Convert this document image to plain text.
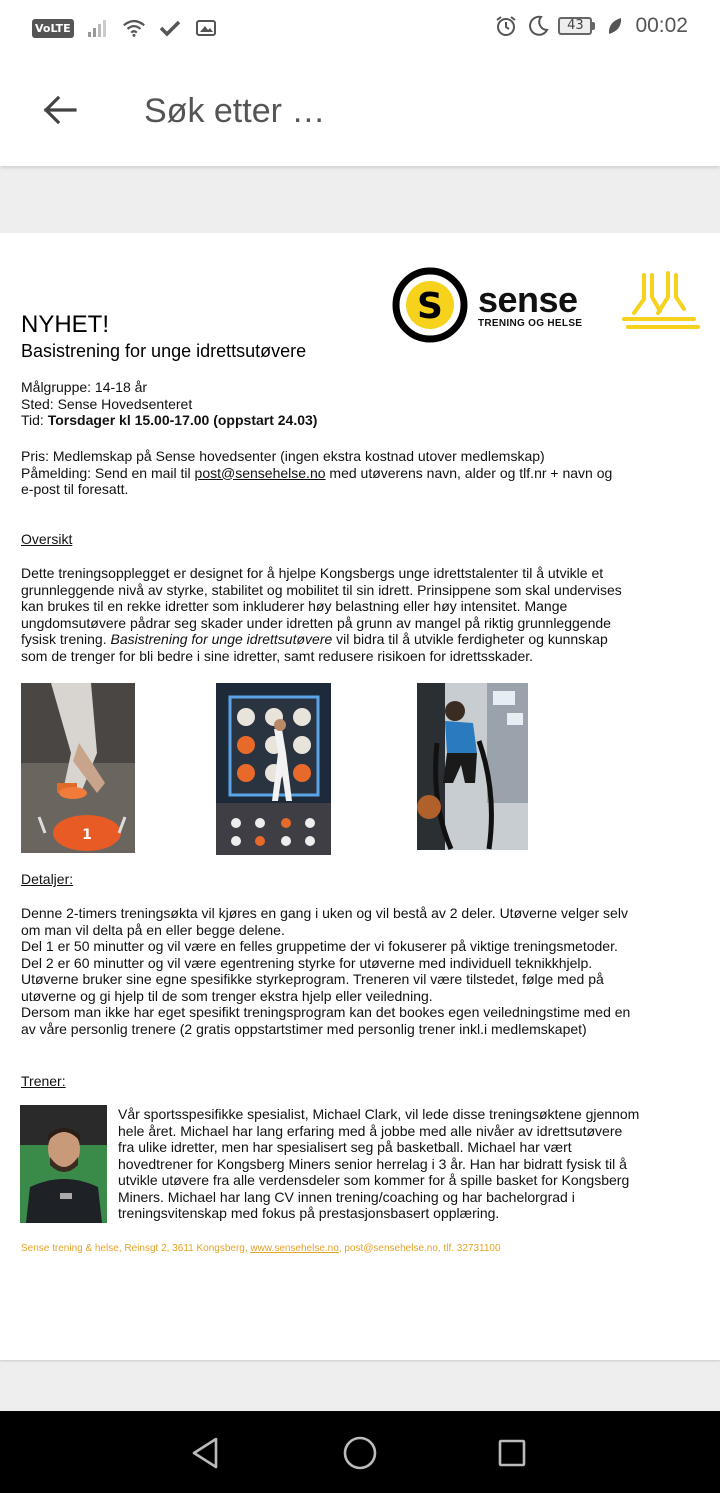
VoLTE	43	00:02
Søk etter …
S sense
TRENING OG HELSE
NYHET!
Basistrening for unge idrettsutøvere
Målgruppe: 14-18 år
Sted: Sense Hovedsenteret
Tid: Torsdager kl 15.00-17.00 (oppstart 24.03)
Pris: Medlemskap på Sense hovedsenter (ingen ekstra kostnad utover medlemskap)
Påmelding: Send en mail til post@sensehelse.no med utøverens navn, alder og tlf.nr + navn og
e-post til foresatt.
Oversikt
Dette treningsopplegget er designet for å hjelpe Kongsbergs unge idrettstalenter til å utvikle et
grunnleggende nivå av styrke, stabilitet og mobilitet til sin idrett. Prinsippene som skal undervises
kan brukes til en rekke idretter som inkluderer høy belastning eller høy intensitet. Mange
ungdomsutøvere pådrar seg skader under idretten på grunn av mangel på riktig grunnleggende
fysisk trening. Basistrening for unge idrettsutøvere vil bidra til å utvikle ferdigheter og kunnskap
som de trenger for bli bedre i sine idretter, samt redusere risikoen for idrettsskader.
1
Detaljer:
Denne 2-timers treningsøkta vil kjøres en gang i uken og vil bestå av 2 deler. Utøverne velger selv
om man vil delta på en eller begge delene.
Del 1 er 50 minutter og vil være en felles gruppetime der vi fokuserer på viktige treningsmetoder.
Del 2 er 60 minutter og vil være egentrening styrke for utøverne med individuell teknikkhjelp.
Utøverne bruker sine egne spesifikke styrkeprogram. Treneren vil være tilstedet, følge med på
utøverne og gi hjelp til de som trenger ekstra hjelp eller veiledning.
Dersom man ikke har eget spesifikt treningsprogram kan det bookes egen veiledningstime med en
av våre personlig trenere (2 gratis oppstartstimer med personlig trener inkl.i medlemskapet)
Trener:
Vår sportsspesifikke spesialist, Michael Clark, vil lede disse treningsøktene gjennom
hele året. Michael har lang erfaring med å jobbe med alle nivåer av idrettsutøvere
fra ulike idretter, men har spesialisert seg på basketball. Michael har vært
hovedtrener for Kongsberg Miners senior herrelag i 3 år. Han har bidratt fysisk til å
utvikle utøvere fra alle verdensdeler som kommer for å spille basket for Kongsberg
Miners. Michael har lang CV innen trening/coaching og har bachelorgrad i
treningsvitenskap med fokus på prestasjonsbasert opplæring.
Sense trening & helse, Reinsgt 2, 3611 Kongsberg, www.sensehelse.no, post@sensehelse.no, tlf. 32731100
